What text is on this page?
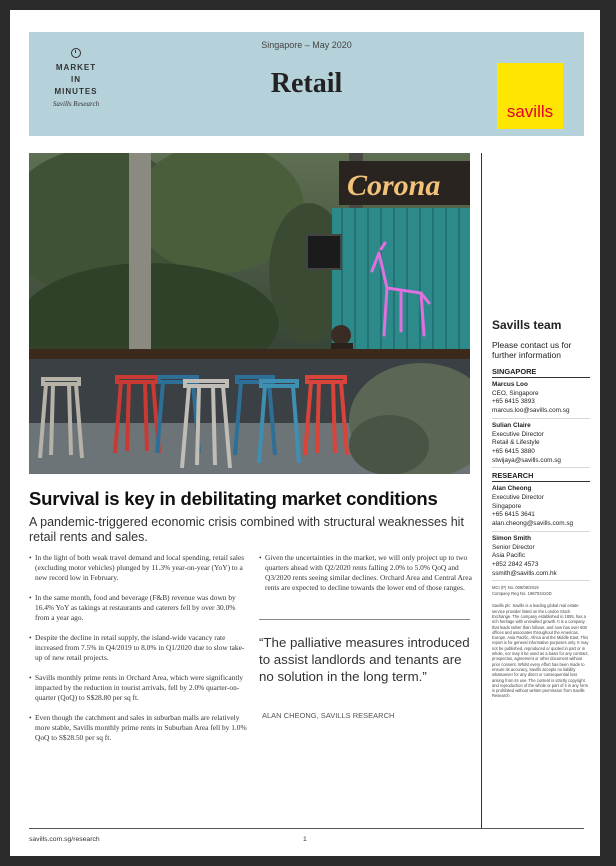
MARKET
IN
MINUTES
Savills Research
Singapore – May 2020
Retail
savills
Corona
Survival is key in debilitating market conditions
A pandemic-triggered economic crisis combined with structural weaknesses hit retail rents and sales.

• In the light of both weak travel demand and local spending, retail sales (excluding motor vehicles) plunged by 11.3% year-on-year (YoY) to a new record low in February.

• In the same month, food and beverage (F&B) revenue was down by 16.4% YoY as takings at restaurants and caterers fell by over 30.0% from a year ago.

• Despite the decline in retail supply, the island-wide vacancy rate increased from 7.5% in Q4/2019 to 8.0% in Q1/2020 due to slow take-up of new retail projects.

• Savills monthly prime rents in Orchard Area, which were significantly impacted by the reduction in tourist arrivals, fell by 2.0% quarter-on-quarter (QoQ) to S$28.80 per sq ft.

• Even though the catchment and sales in suburban malls are relatively more stable, Savills monthly prime rents in Suburban Area fell by 1.0% QoQ to S$28.50 per sq ft.

• Given the uncertainties in the market, we will only project up to two quarters ahead with Q2/2020 rents falling 2.0% to 5.0% QoQ and Q3/2020 rents seeing similar declines. Orchard Area and Central Area rents are expected to decline towards the lower end of those ranges.

“The palliative measures introduced to assist landlords and tenants are no solution in the long term.”
ALAN CHEONG, SAVILLS RESEARCH
Savills team
Please contact us for further information
SINGAPORE
Marcus Loo
CEO, Singapore
+65 6415 3893
marcus.loo@savills.com.sg
Sulian Claire
Executive Director
Retail & Lifestyle
+65 6415 3880
stwijaya@savills.com.sg
RESEARCH
Alan Cheong
Executive Director
Singapore
+65 6415 3641
alan.cheong@savills.com.sg
Simon Smith
Senior Director
Asia Pacific
+852 2842 4573
ssmith@savills.com.hk
MCI (P) No. 009/08/2019
Company Reg No. 198703410D
Savills plc: Savills is a leading global real estate service provider listed on the London Stock Exchange. The company established in 1855, has a rich heritage with unrivalled growth. It is a company that leads rather than follows, and now has over 600 offices and associates throughout the Americas, Europe, Asia Pacific, Africa and the Middle East. This report is for general informative purposes only. It may not be published, reproduced or quoted in part or in whole, nor may it be used as a basis for any contract, prospectus, agreement or other document without prior consent. Whilst every effort has been made to ensure its accuracy, Savills accepts no liability whatsoever for any direct or consequential loss arising from its use. The content is strictly copyright and reproduction of the whole or part of it in any form is prohibited without written permission from Savills Research.
savills.com.sg/research	1
